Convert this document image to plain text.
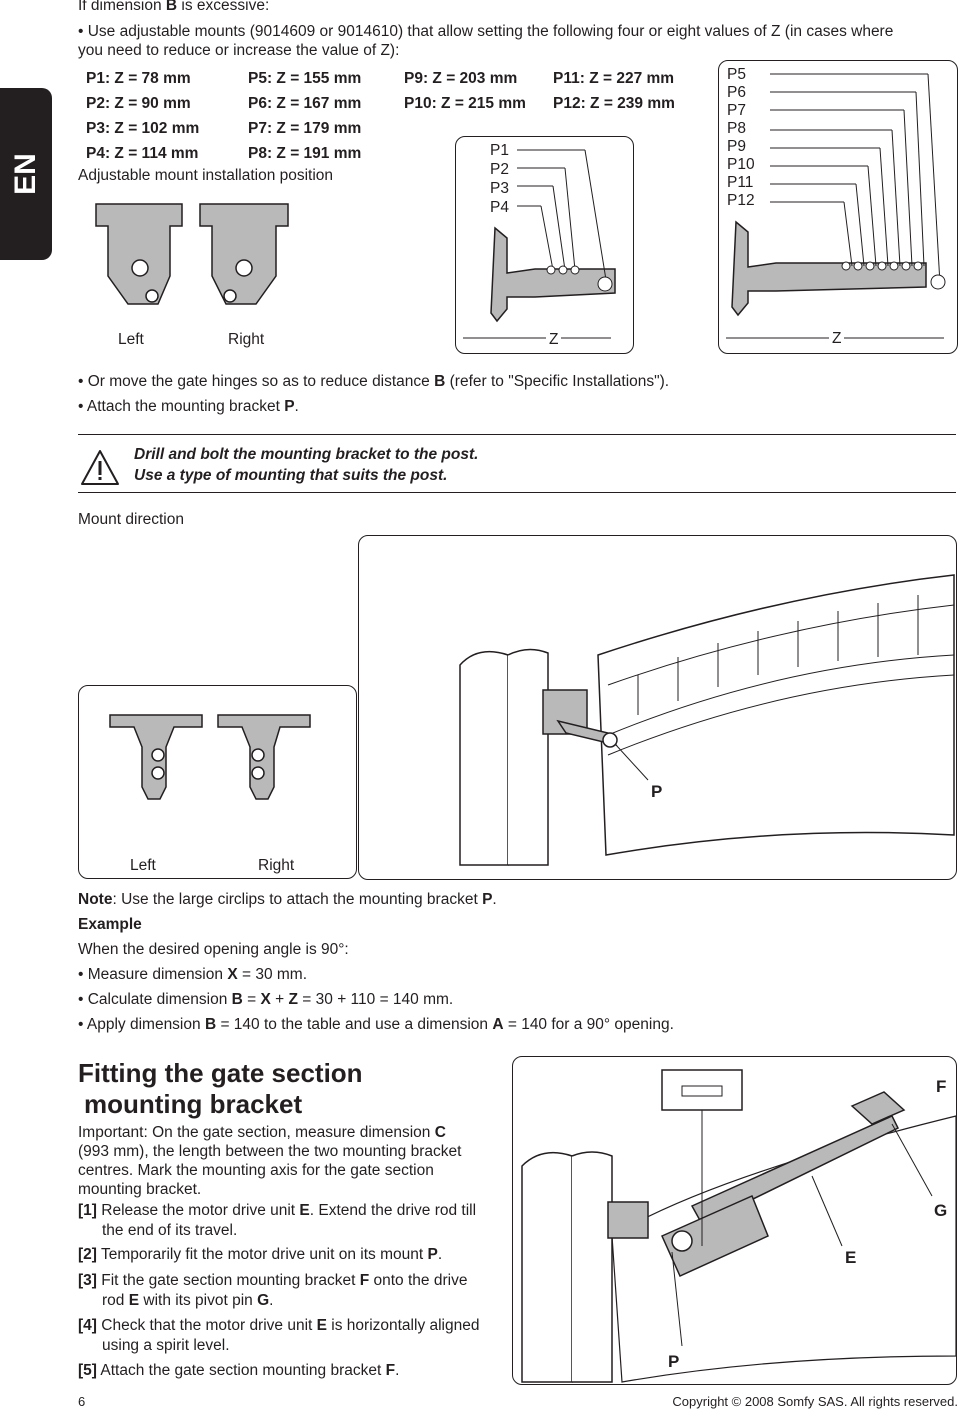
EN
If dimension B is excessive:
• Use adjustable mounts (9014609 or 9014610) that allow setting the following four or eight values of Z (in cases where
you need to reduce or increase the value of Z):
P1: Z = 78 mm	P5: Z = 155 mm	P9: Z = 203 mm	P11: Z = 227 mm
P2: Z = 90 mm	P6: Z = 167 mm	P10: Z = 215 mm	P12: Z = 239 mm
P3: Z = 102 mm	P7: Z = 179 mm		
P4: Z = 114 mm	P8: Z = 191 mm		
Adjustable mount installation position
Left	Right
P1
P2
P3
P4
Z
P5
P6
P7
P8
P9
P10
P11
P12
Z
• Or move the gate hinges so as to reduce distance B (refer to "Specific Installations").
• Attach the mounting bracket P.
Drill and bolt the mounting bracket to the post.
Use a type of mounting that suits the post.
Mount direction
Left	Right
P
Note: Use the large circlips to attach the mounting bracket P.
Example
When the desired opening angle is 90°:
• Measure dimension X = 30 mm.
• Calculate dimension B = X + Z = 30 + 110 = 140 mm.
• Apply dimension B = 140 to the table and use a dimension A = 140 for a 90° opening.
Fitting the gate section
mounting bracket
Important: On the gate section, measure dimension C
(993 mm), the length between the two mounting bracket
centres. Mark the mounting axis for the gate section
mounting bracket.
[1] Release the motor drive unit E. Extend the drive rod till
the end of its travel.
[2] Temporarily fit the motor drive unit on its mount P.
[3] Fit the gate section mounting bracket F onto the drive
rod E with its pivot pin G.
[4] Check that the motor drive unit E is horizontally aligned
using a spirit level.
[5] Attach the gate section mounting bracket F.
F
G
E
P
6	Copyright © 2008 Somfy SAS. All rights reserved.
